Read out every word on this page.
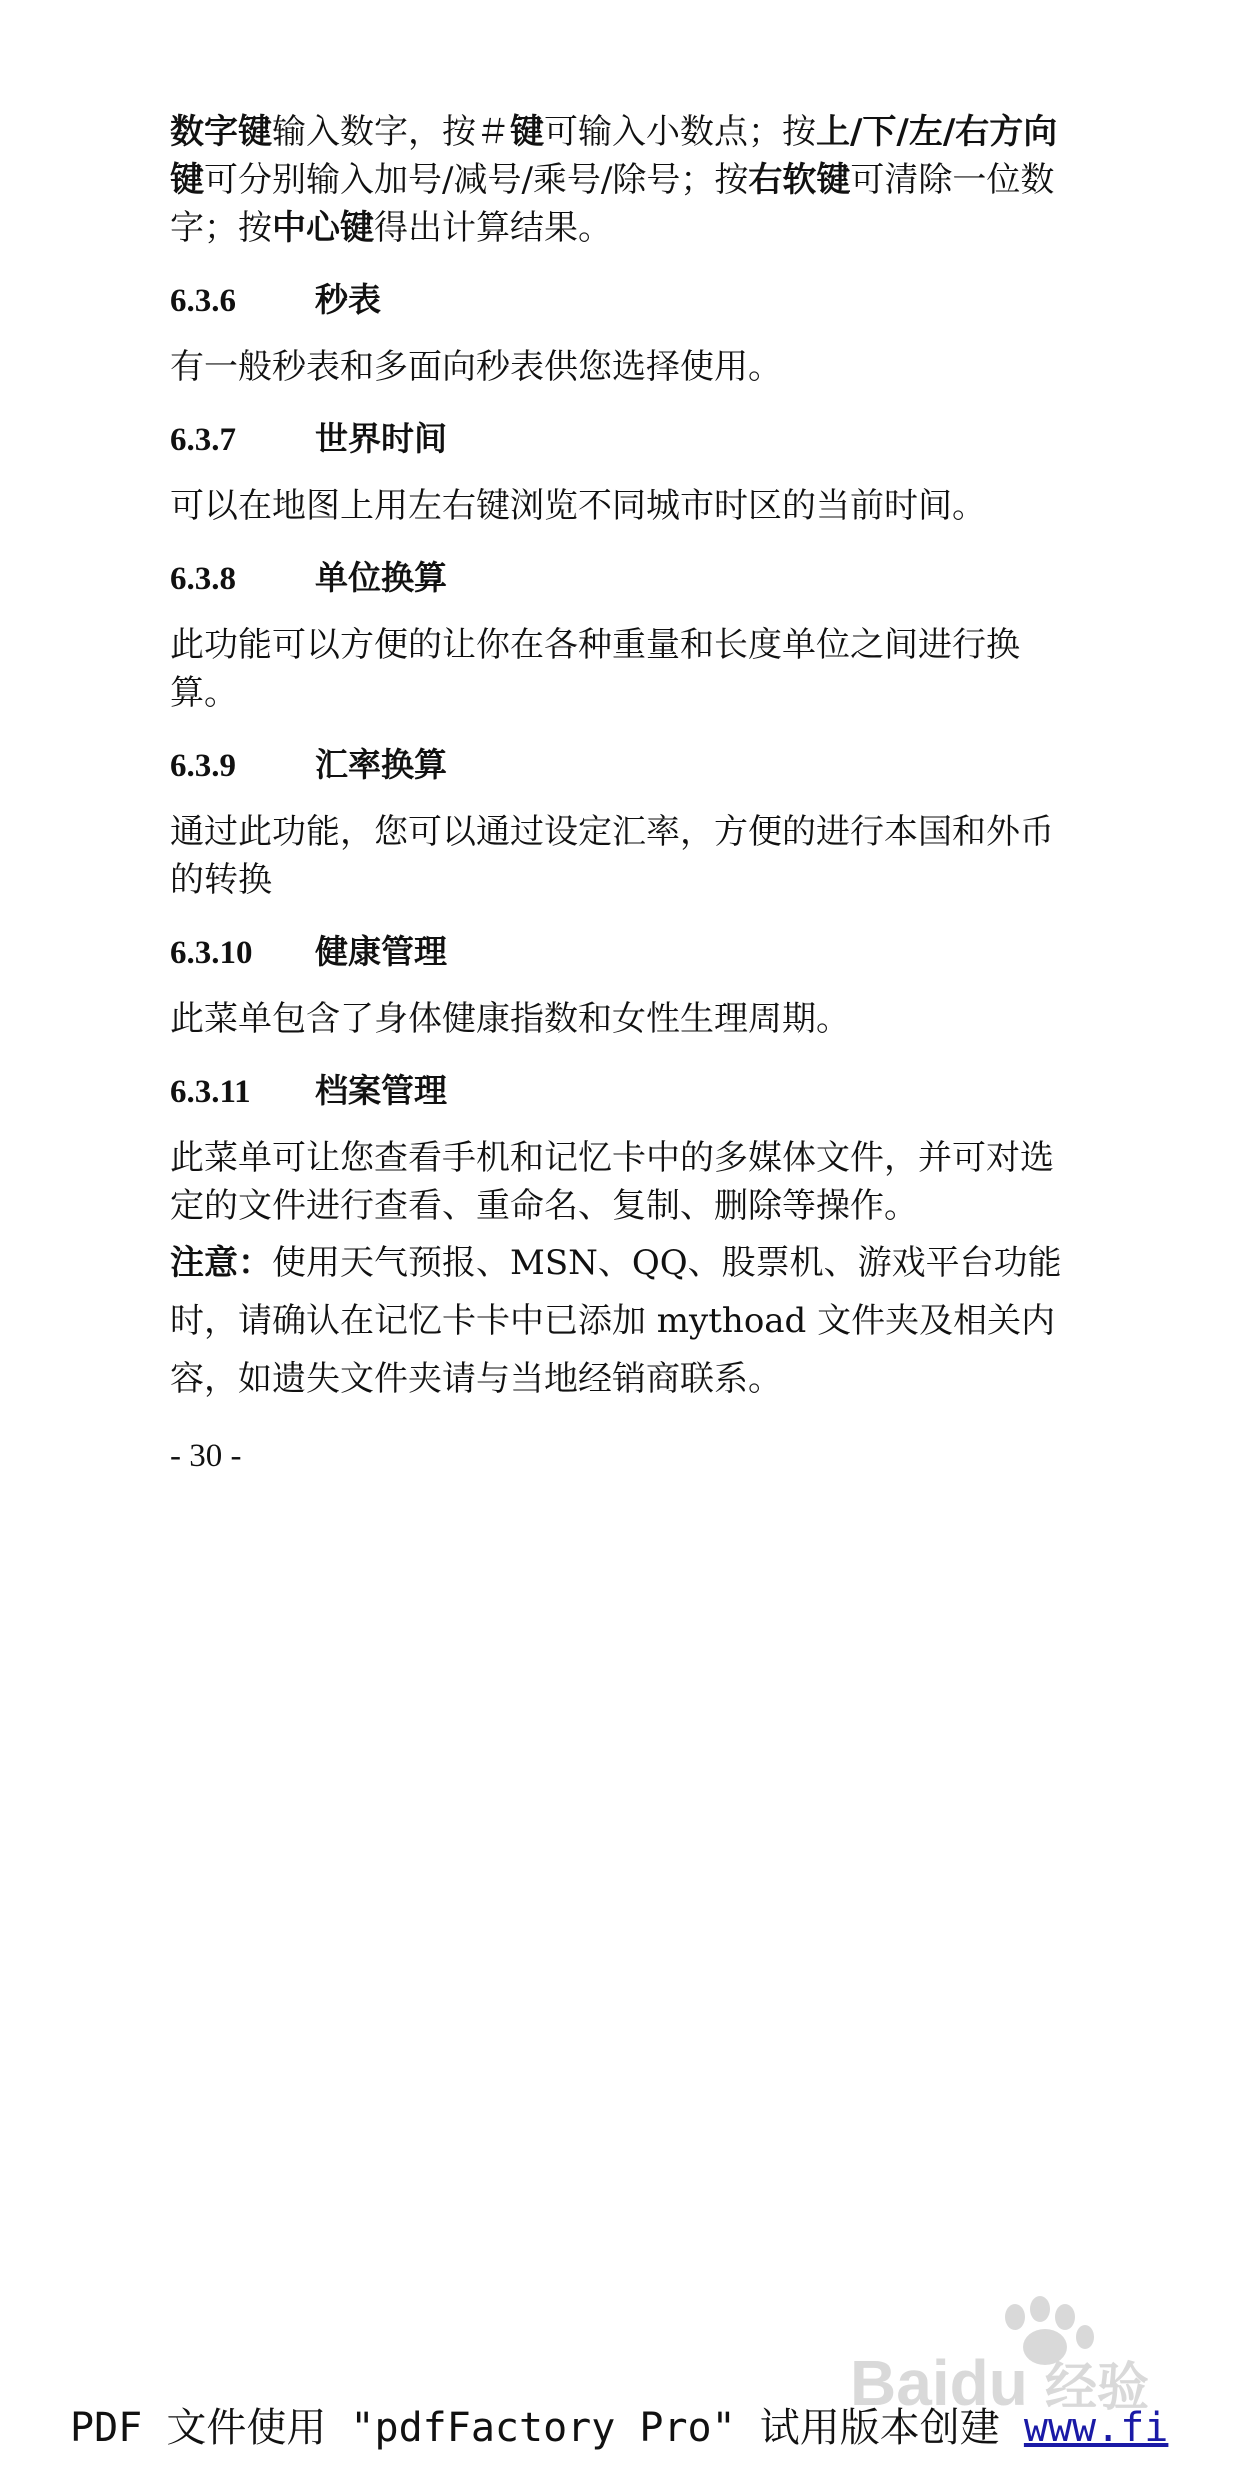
数字键输入数字，按＃键可输入小数点；按上/下/左/右方向键可分别输入加号/减号/乘号/除号；按右软键可清除一位数字；按中心键得出计算结果。

6.3.6	秒表

有一般秒表和多面向秒表供您选择使用。

6.3.7	世界时间

可以在地图上用左右键浏览不同城市时区的当前时间。

6.3.8	单位换算

此功能可以方便的让你在各种重量和长度单位之间进行换算。

6.3.9	汇率换算

通过此功能，您可以通过设定汇率，方便的进行本国和外币的转换

6.3.10	健康管理

此菜单包含了身体健康指数和女性生理周期。

6.3.11	档案管理

此菜单可让您查看手机和记忆卡中的多媒体文件，并可对选定的文件进行查看、重命名、复制、删除等操作。

注意：使用天气预报、MSN、QQ、股票机、游戏平台功能时，请确认在记忆卡卡中已添加 mythoad 文件夹及相关内容，如遗失文件夹请与当地经销商联系。

- 30 -
Baidu 经验
PDF 文件使用 "pdfFactory Pro" 试用版本创建 www.fi
